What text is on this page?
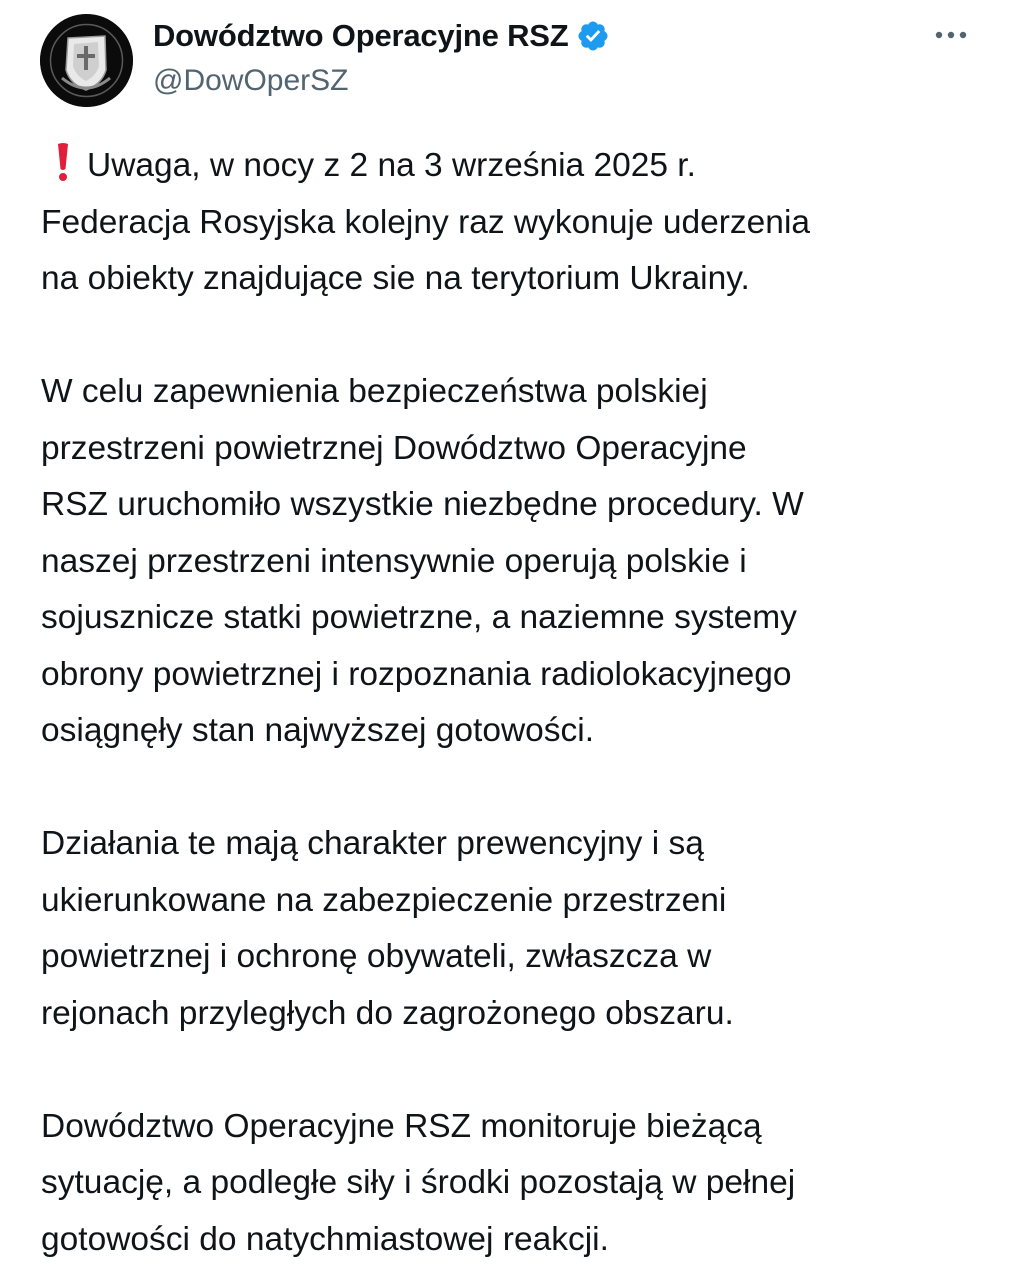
Dowództwo Operacyjne RSZ
@DowOperSZ
Uwaga, w nocy z 2 na 3 września 2025 r.
Federacja Rosyjska kolejny raz wykonuje uderzenia
na obiekty znajdujące sie na terytorium Ukrainy.
W celu zapewnienia bezpieczeństwa polskiej
przestrzeni powietrznej Dowództwo Operacyjne
RSZ uruchomiło wszystkie niezbędne procedury. W
naszej przestrzeni intensywnie operują polskie i
sojusznicze statki powietrzne, a naziemne systemy
obrony powietrznej i rozpoznania radiolokacyjnego
osiągnęły stan najwyższej gotowości.
Działania te mają charakter prewencyjny i są
ukierunkowane na zabezpieczenie przestrzeni
powietrznej i ochronę obywateli, zwłaszcza w
rejonach przyległych do zagrożonego obszaru.
Dowództwo Operacyjne RSZ monitoruje bieżącą
sytuację, a podległe siły i środki pozostają w pełnej
gotowości do natychmiastowej reakcji.
